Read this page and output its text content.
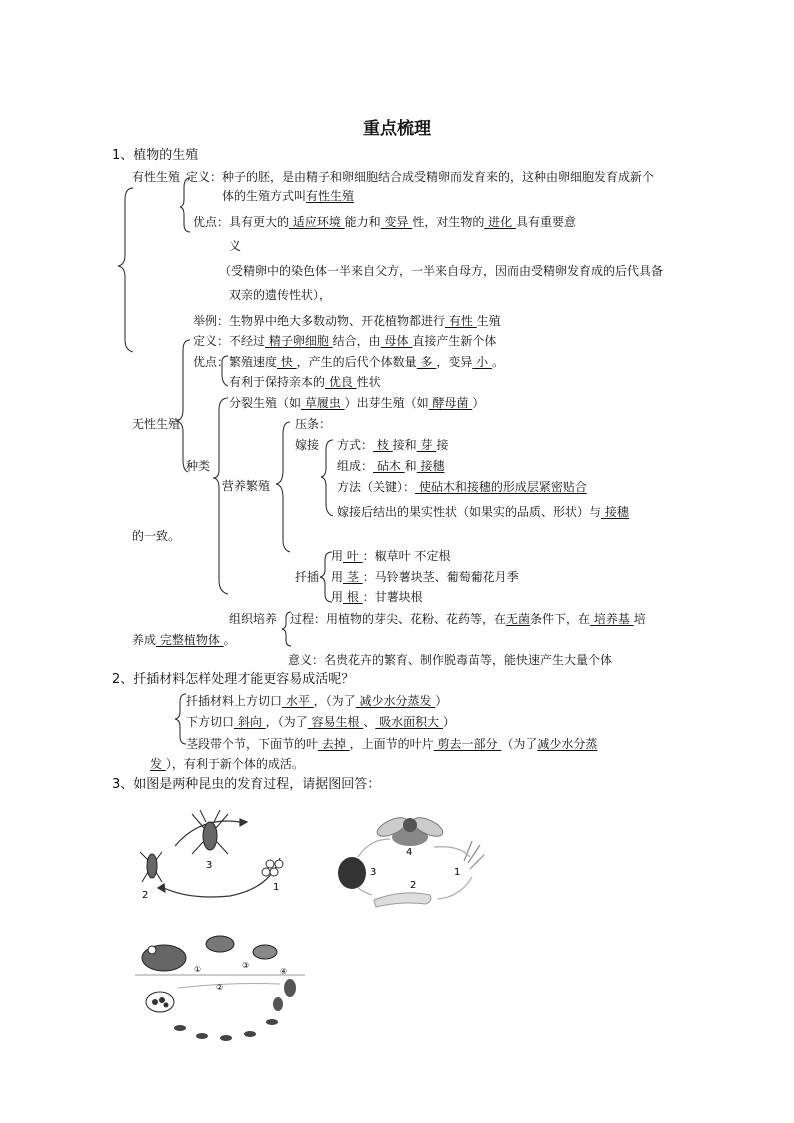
重点梳理
1、植物的生殖
有性生殖 定义：种子的胚，是由精子和卵细胞结合成受精卵而发育来的，这种由卵细胞发育成新个
体的生殖方式叫有性生殖
优点：具有更大的 适应环境 能力和 变异 性，对生物的 进化 具有重要意
义
（受精卵中的染色体一半来自父方，一半来自母方，因而由受精卵发育成的后代具备
双亲的遗传性状），
举例：生物界中绝大多数动物、开花植物都进行 有性 生殖
定义：不经过 精子卵细胞 结合，由 母体 直接产生新个体
优点： 繁殖速度 快 ，产生的后代个体数量 多 ，变异 小 。
有利于保持亲本的 优良 性状
无性生殖
种类
分裂生殖（如 草履虫 ）出芽生殖（如 酵母菌 ）
营养繁殖
压条：
嫁接 方式： 枝 接和 芽 接
组成： 砧木 和 接穗
方法（关键）： 使砧木和接穗的形成层紧密贴合
嫁接后结出的果实性状（如果实的品质、形状）与 接穗
的一致。
扦插
用 叶 ：椒草叶 不定根
用 茎 ：马铃薯块茎、葡萄葡花月季
用 根 ：甘薯块根
组织培养 过程：用植物的芽尖、花粉、花药等，在无菌条件下，在 培养基 培
养成 完整植物体 。
意义：名贵花卉的繁育、制作脱毒苗等，能快速产生大量个体
2、扦插材料怎样处理才能更容易成活呢？
扦插材料上方切口 水平 ，（为了 减少水分蒸发 ）
下方切口 斜向 ，（为了 容易生根 、 吸水面积大 ）
茎段带个节，下面节的叶 去掉 ，上面节的叶片 剪去一部分 （为了减少水分蒸
发 ），有利于新个体的成活。
3、如图是两种昆虫的发育过程，请据图回答：
1
2
3
1
2
3
4
①
②
③
④
